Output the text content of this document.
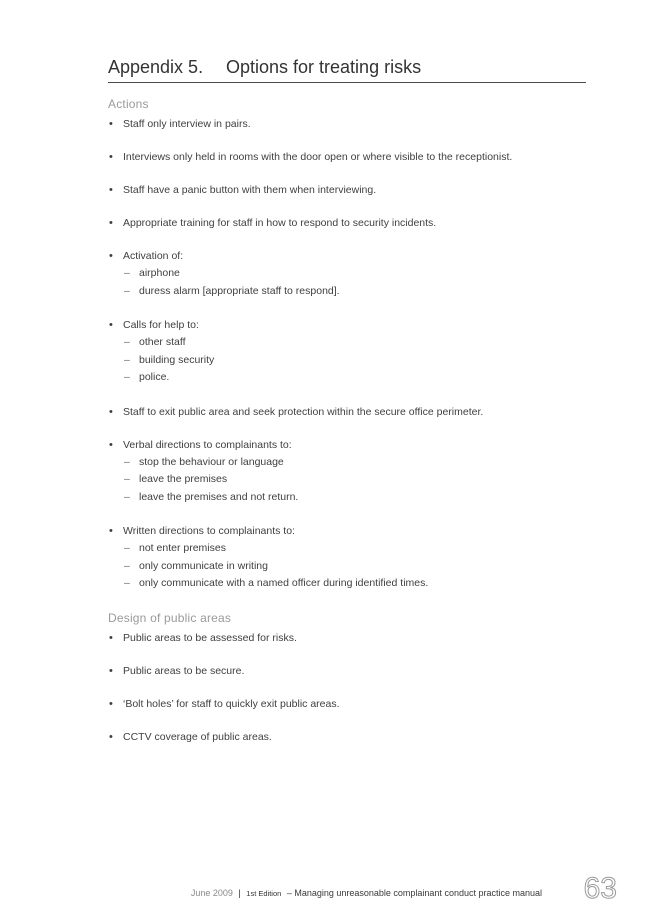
Appendix 5.	Options for treating risks
Actions
• Staff only interview in pairs.
• Interviews only held in rooms with the door open or where visible to the receptionist.
• Staff have a panic button with them when interviewing.
• Appropriate training for staff in how to respond to security incidents.
• Activation of:
– airphone
– duress alarm [appropriate staff to respond].
• Calls for help to:
– other staff
– building security
– police.
• Staff to exit public area and seek protection within the secure office perimeter.
• Verbal directions to complainants to:
– stop the behaviour or language
– leave the premises
– leave the premises and not return.
• Written directions to complainants to:
– not enter premises
– only communicate in writing
– only communicate with a named officer during identified times.
Design of public areas
• Public areas to be assessed for risks.
• Public areas to be secure.
• ‘Bolt holes’ for staff to quickly exit public areas.
• CCTV coverage of public areas.
June 2009 | 1st Edition – Managing unreasonable complainant conduct practice manual 63
